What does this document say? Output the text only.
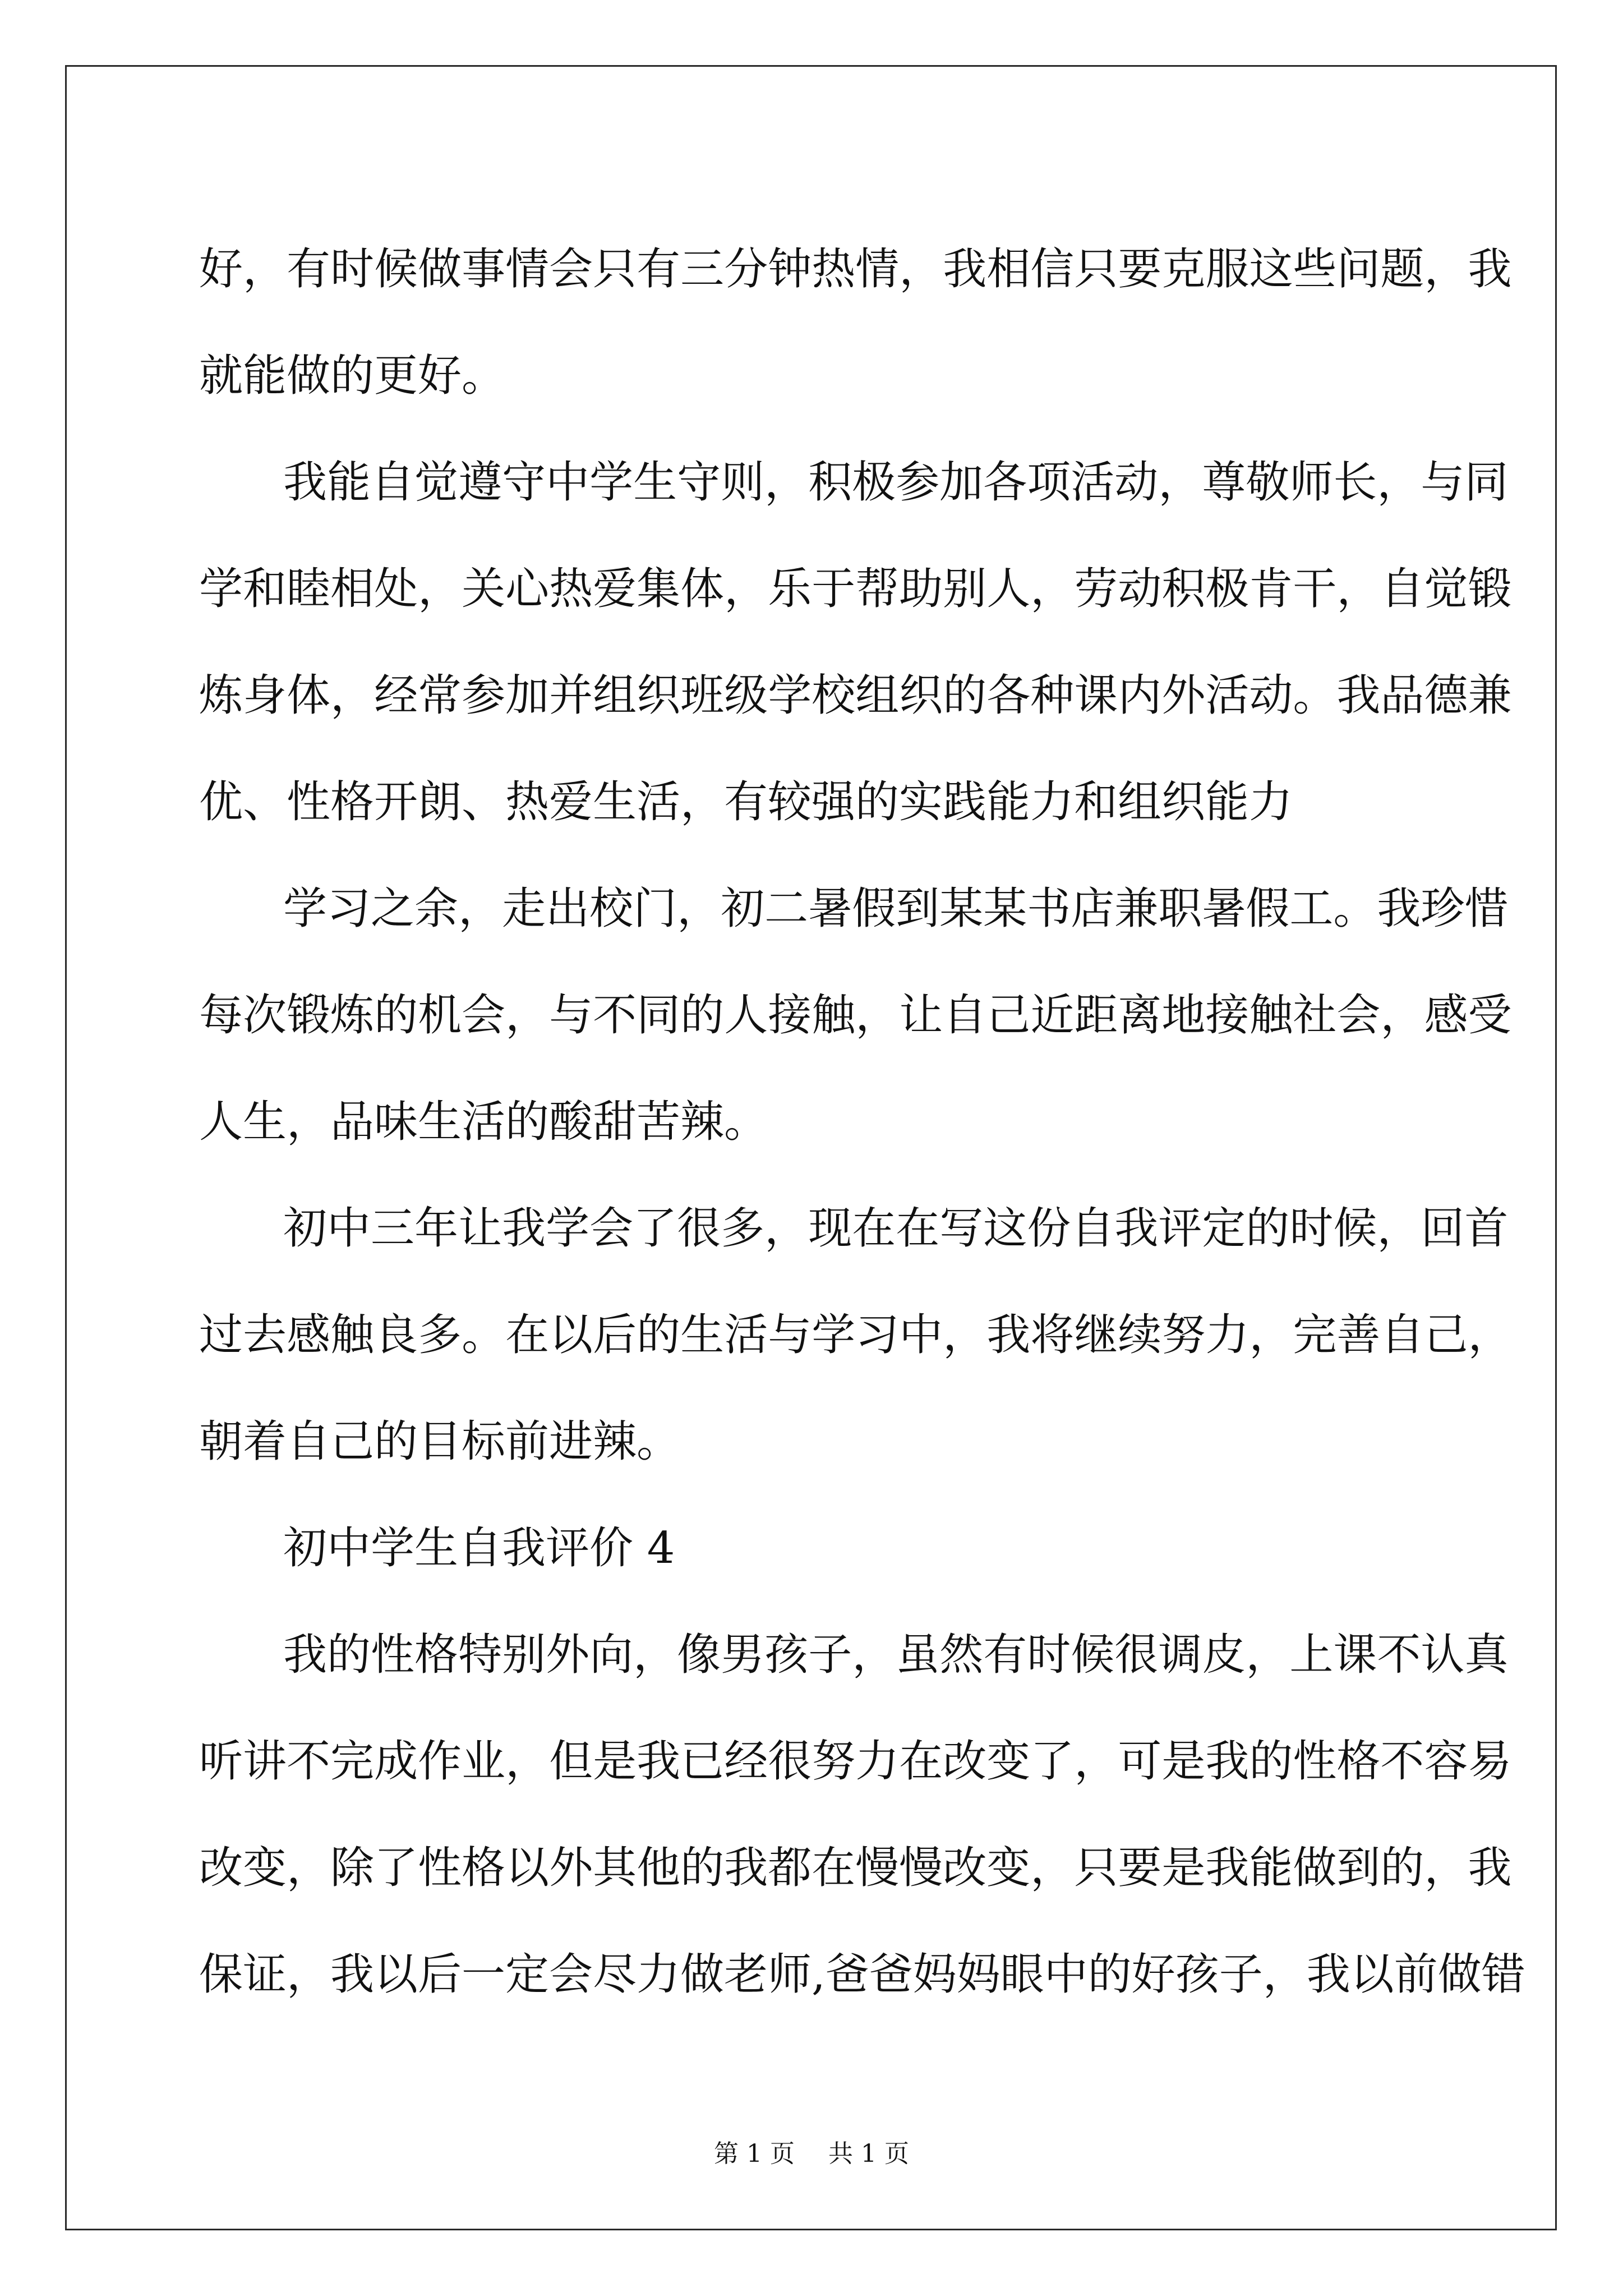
好 ， 有 时 候 做 事 情 会 只 有 三 分 钟 热 情 ， 我 相 信 只 要 克 服 这 些 问 题 ， 我
就能做的更好。
我 能 自 觉 遵 守 中 学 生 守 则 ， 积 极 参 加 各 项 活 动 ， 尊 敬 师 长 ， 与 同
学 和 睦 相 处 ， 关 心 热 爱 集 体 ， 乐 于 帮 助 别 人 ， 劳 动 积 极 肯 干 ， 自 觉 锻
炼 身 体 ， 经 常 参 加 并 组 织 班 级 学 校 组 织 的 各 种 课 内 外 活 动 。 我 品 德 兼
优、性格开朗、热爱生活，有较强的实践能力和组织能力
学 习 之 余 ， 走 出 校 门 ， 初 二 暑 假 到 某 某 书 店 兼 职 暑 假 工 。 我 珍 惜
每 次 锻 炼 的 机 会 ， 与 不 同 的 人 接 触 ， 让 自 己 近 距 离 地 接 触 社 会 ， 感 受
人生，品味生活的酸甜苦辣。
初 中 三 年 让 我 学 会 了 很 多 ， 现 在 在 写 这 份 自 我 评 定 的 时 候 ， 回 首
过 去 感 触 良 多 。 在 以 后 的 生 活 与 学 习 中 ， 我 将 继 续 努 力 ， 完 善 自 己 ，
朝着自己的目标前进辣。
初中学生自我评价 4
我 的 性 格 特 别 外 向 ， 像 男 孩 子 ， 虽 然 有 时 候 很 调 皮 ， 上 课 不 认 真
听 讲 不 完 成 作 业 ， 但 是 我 已 经 很 努 力 在 改 变 了 ， 可 是 我 的 性 格 不 容 易
改 变 ， 除 了 性 格 以 外 其 他 的 我 都 在 慢 慢 改 变 ， 只 要 是 我 能 做 到 的 ， 我
保证，我以后一定会尽力做老师,爸爸妈妈眼中的好孩子，我以前做错
第 1 页 共 1 页
